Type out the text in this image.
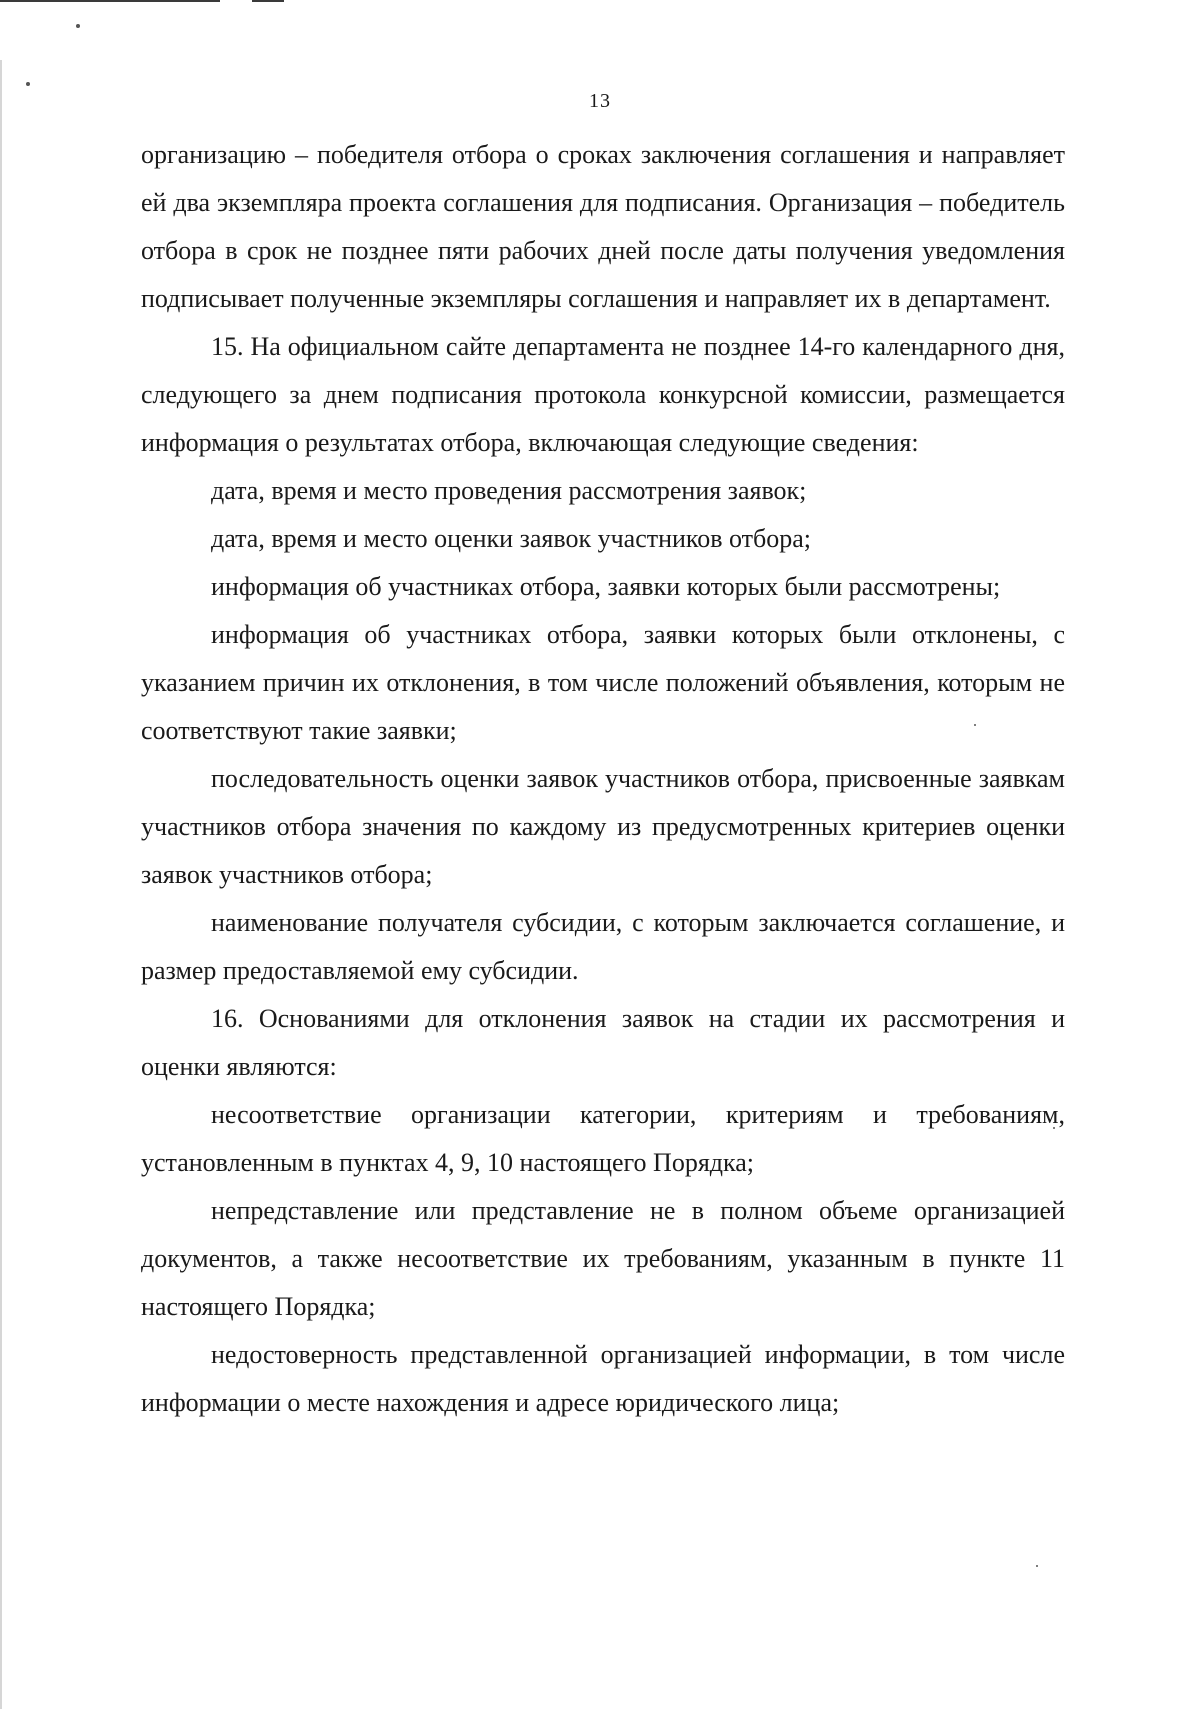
13

организацию – победителя отбора о сроках заключения соглашения и направляет ей два экземпляра проекта соглашения для подписания. Организация – победитель отбора в срок не позднее пяти рабочих дней после даты получения уведомления подписывает полученные экземпляры соглашения и направляет их в департамент.

15. На официальном сайте департамента не позднее 14-го календарного дня, следующего за днем подписания протокола конкурсной комиссии, размещается информация о результатах отбора, включающая следующие сведения:

дата, время и место проведения рассмотрения заявок;

дата, время и место оценки заявок участников отбора;

информация об участниках отбора, заявки которых были рассмотрены;

информация об участниках отбора, заявки которых были отклонены, с указанием причин их отклонения, в том числе положений объявления, которым не соответствуют такие заявки;

последовательность оценки заявок участников отбора, присвоенные заявкам участников отбора значения по каждому из предусмотренных критериев оценки заявок участников отбора;

наименование получателя субсидии, с которым заключается соглашение, и размер предоставляемой ему субсидии.

16. Основаниями для отклонения заявок на стадии их рассмотрения и оценки являются:

несоответствие организации категории, критериям и требованиям, установленным в пунктах 4, 9, 10 настоящего Порядка;

непредставление или представление не в полном объеме организацией документов, а также несоответствие их требованиям, указанным в пункте 11 настоящего Порядка;

недостоверность представленной организацией информации, в том числе информации о месте нахождения и адресе юридического лица;
